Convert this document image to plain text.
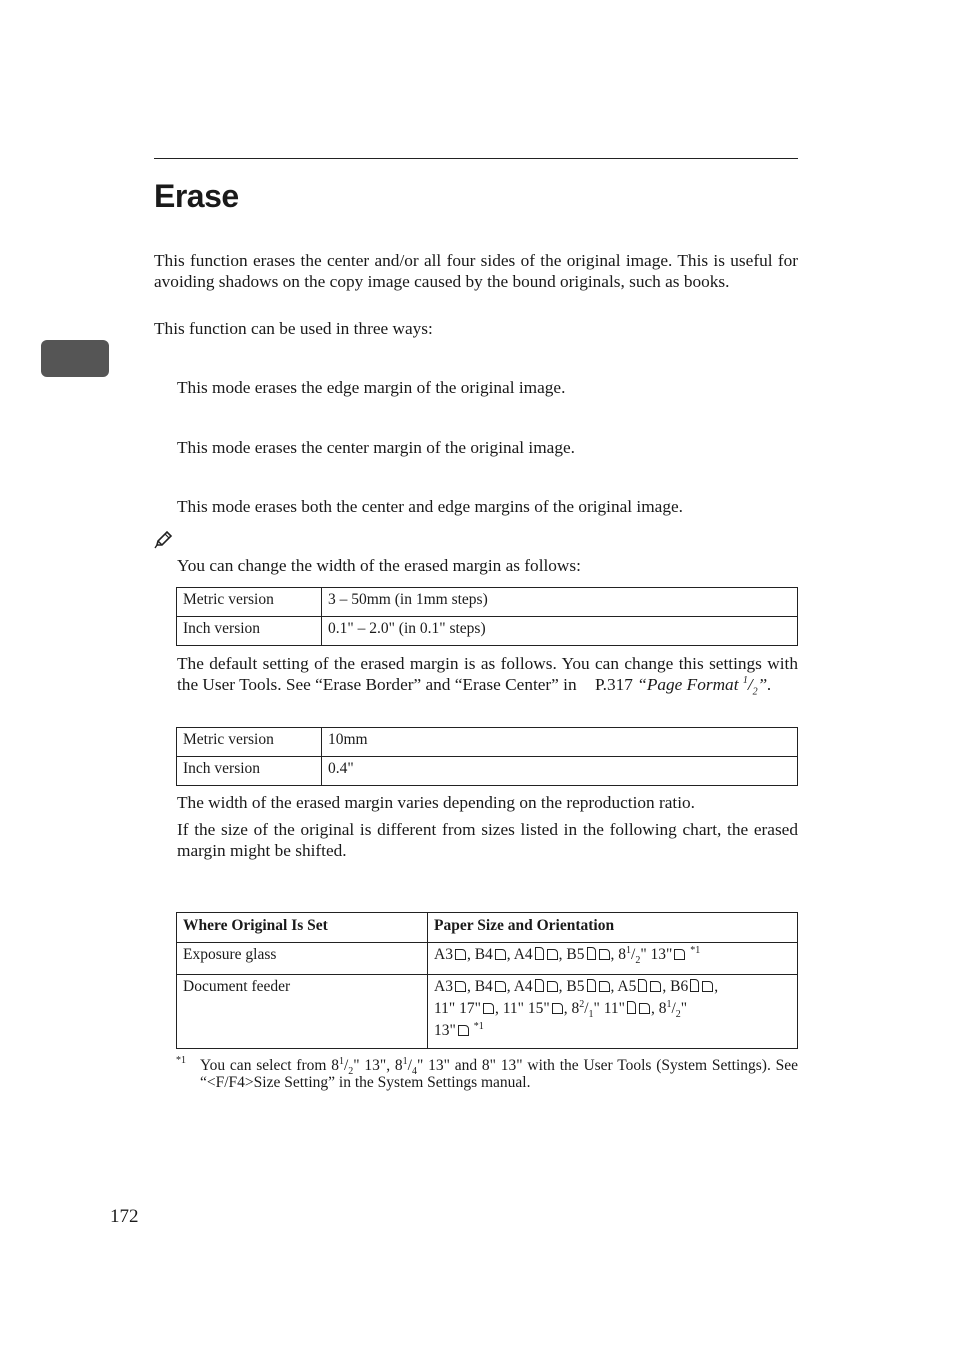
Erase
This function erases the center and/or all four sides of the original image. This is useful for avoiding shadows on the copy image caused by the bound originals, such as books.
This function can be used in three ways:
This mode erases the edge margin of the original image.
This mode erases the center margin of the original image.
This mode erases both the center and edge margins of the original image.
You can change the width of the erased margin as follows:
Metric version	3 – 50mm (in 1mm steps)
Inch version	0.1" – 2.0" (in 0.1" steps)
The default setting of the erased margin is as follows. You can change this settings with the User Tools. See “Erase Border” and “Erase Center” in P.317 “Page Format $^1/_2$”.
Metric version	10mm
Inch version	0.4"
The width of the erased margin varies depending on the reproduction ratio.
If the size of the original is different from sizes listed in the following chart, the erased margin might be shifted.
Where Original Is Set	Paper Size and Orientation
Exposure glass	A3 , B4 , A4 , B5 , $8^1/_2$" 13" $^{*1}$
Document feeder	A3 , B4 , A4 , B5 , A5 , B6 ,
11" 17" , 11" 15" , $8^2/_1$" 11" , $8^1/_2$"
13" $^{*1}$
*1 You can select from $8^1/_2$" 13", $8^1/_4$" 13" and 8" 13" with the User Tools (System Settings). See “<F/F4>Size Setting” in the System Settings manual.
172
